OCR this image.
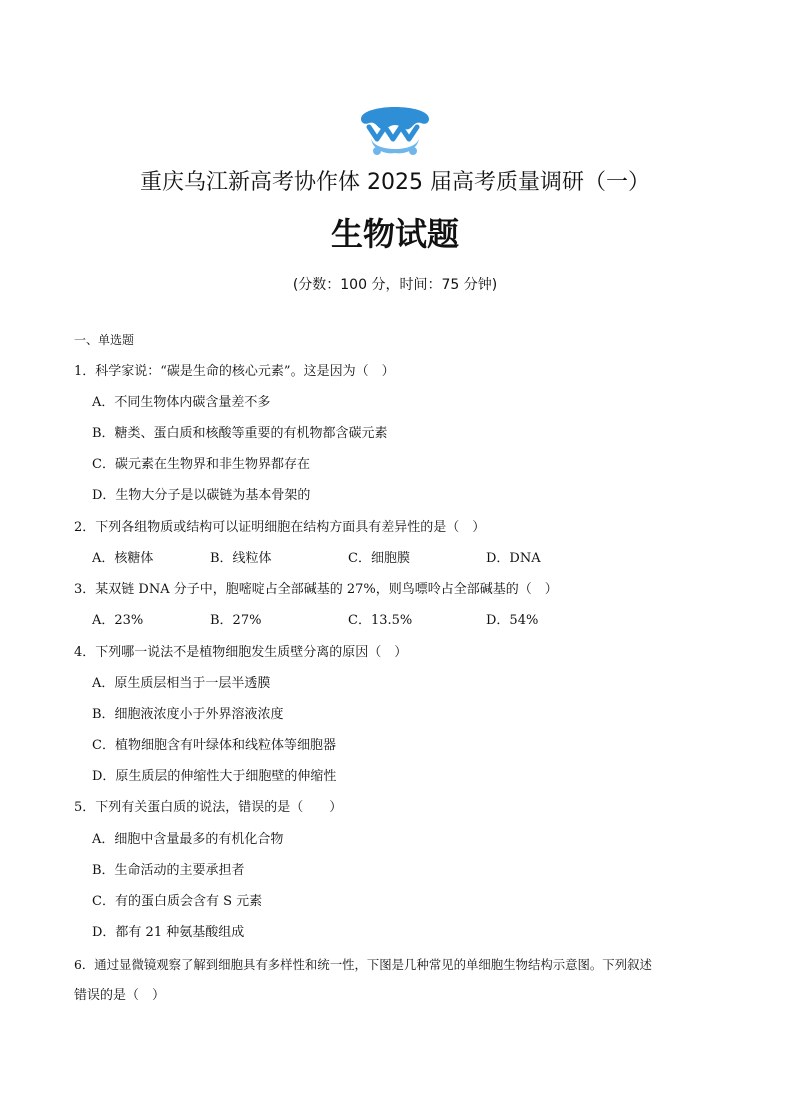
重庆乌江新高考协作体 2025 届高考质量调研（一）
生物试题
(分数：100 分，时间：75 分钟)
一、单选题
1．科学家说：“碳是生命的核心元素”。这是因为（　）
A．不同生物体内碳含量差不多
B．糖类、蛋白质和核酸等重要的有机物都含碳元素
C．碳元素在生物界和非生物界都存在
D．生物大分子是以碳链为基本骨架的
2．下列各组物质或结构可以证明细胞在结构方面具有差异性的是（　）
A．核糖体	B．线粒体	C．细胞膜	D．DNA
3．某双链 DNA 分子中，胞嘧啶占全部碱基的 27%，则鸟嘌呤占全部碱基的（　）
A．23%	B．27%	C．13.5%	D．54%
4．下列哪一说法不是植物细胞发生质壁分离的原因（　）
A．原生质层相当于一层半透膜
B．细胞液浓度小于外界溶液浓度
C．植物细胞含有叶绿体和线粒体等细胞器
D．原生质层的伸缩性大于细胞壁的伸缩性
5．下列有关蛋白质的说法，错误的是（　　）
A．细胞中含量最多的有机化合物
B．生命活动的主要承担者
C．有的蛋白质会含有 S 元素
D．都有 21 种氨基酸组成
6．通过显微镜观察了解到细胞具有多样性和统一性，下图是几种常见的单细胞生物结构示意图。下列叙述
错误的是（　）
